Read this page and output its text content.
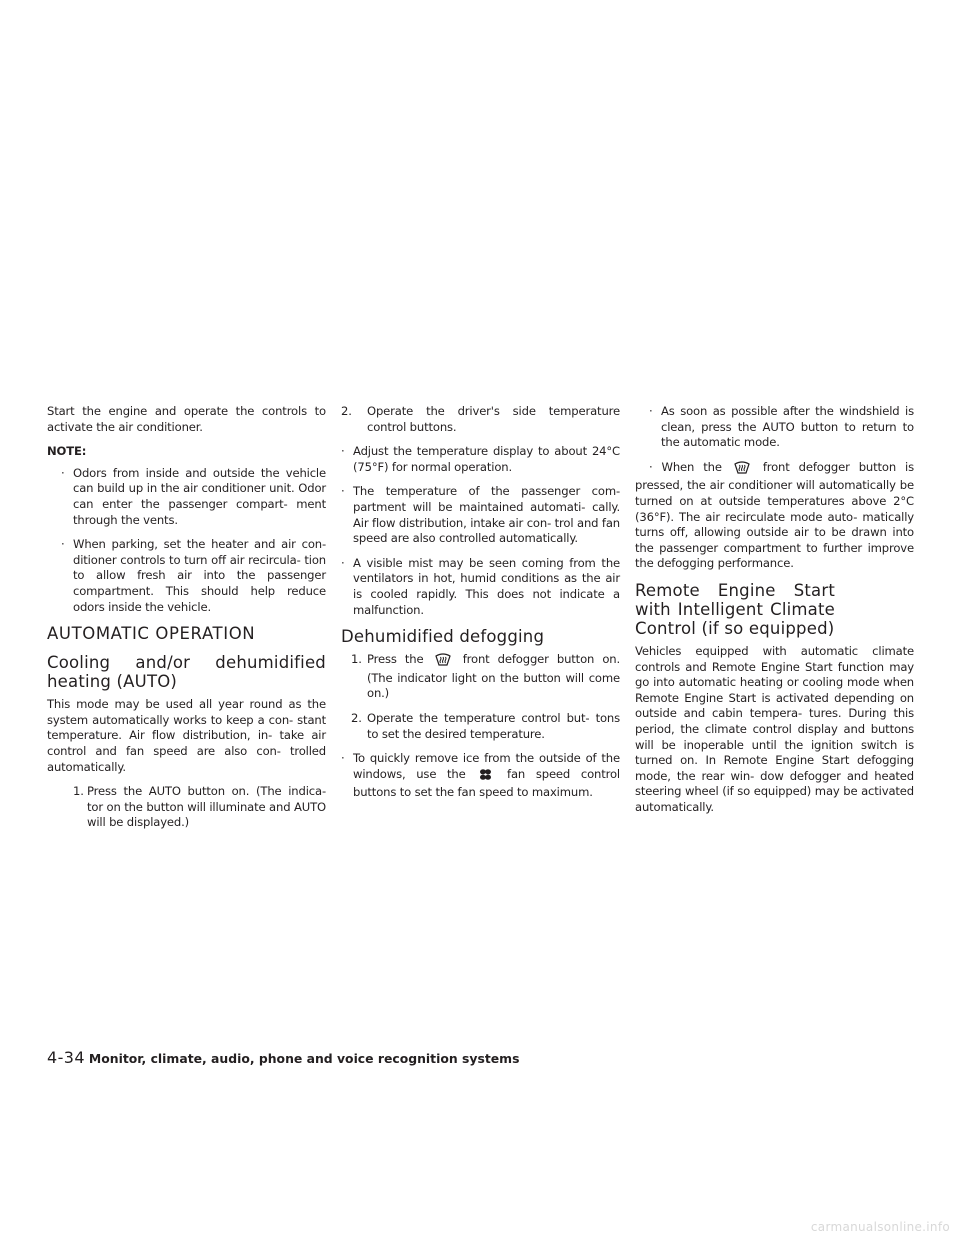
Start the engine and operate the controls to activate the air conditioner.

NOTE:
· Odors from inside and outside the vehicle can build up in the air conditioner unit. Odor can enter the passenger compart- ment through the vents.
· When parking, set the heater and air con- ditioner controls to turn off air recircula- tion to allow fresh air into the passenger compartment. This should help reduce odors inside the vehicle.
AUTOMATIC OPERATION
Cooling and/or dehumidified heating (AUTO)

This mode may be used all year round as the system automatically works to keep a con- stant temperature. Air flow distribution, in- take air control and fan speed are also con- trolled automatically.

1. Press the AUTO button on. (The indica- tor on the button will illuminate and AUTO will be displayed.)
2. Operate the driver's side temperature control buttons.
· Adjust the temperature display to about 24°C (75°F) for normal operation.
· The temperature of the passenger com- partment will be maintained automati- cally. Air flow distribution, intake air con- trol and fan speed are also controlled automatically.
· A visible mist may be seen coming from the ventilators in hot, humid conditions as the air is cooled rapidly. This does not indicate a malfunction.
Dehumidified defogging
1. Press the	front defogger button on. (The indicator light on the button will come on.)
2. Operate the temperature control but- tons to set the desired temperature.
· To quickly remove ice from the outside of the windows, use the	fan speed control buttons to set the fan speed to maximum.
· As soon as possible after the windshield is clean, press the AUTO button to return to the automatic mode.

· When the	front defogger button is pressed, the air conditioner will automatically be turned on at outside temperatures above 2°C (36°F). The air recirculate mode auto- matically turns off, allowing outside air to be drawn into the passenger compartment to further improve the defogging performance.

Remote Engine Start with Intelligent Climate Control (if so equipped)

Vehicles equipped with automatic climate controls and Remote Engine Start function may go into automatic heating or cooling mode when Remote Engine Start is activated depending on outside and cabin tempera- tures. During this period, the climate control display and buttons will be inoperable until the ignition switch is turned on. In Remote Engine Start defogging mode, the rear win- dow defogger and heated steering wheel (if so equipped) may be activated automatically.

4-34 Monitor, climate, audio, phone and voice recognition systems
carmanualsonline.info
